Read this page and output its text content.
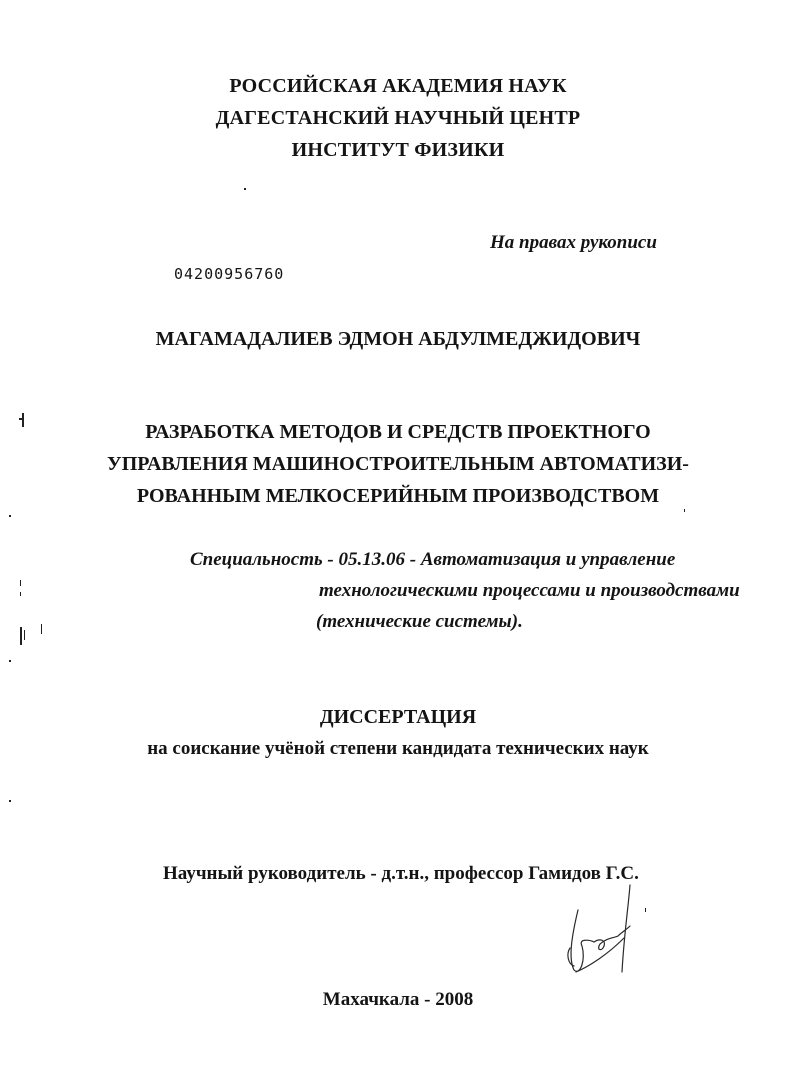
РОССИЙСКАЯ АКАДЕМИЯ НАУК
ДАГЕСТАНСКИЙ НАУЧНЫЙ ЦЕНТР
ИНСТИТУТ ФИЗИКИ
На правах рукописи
04200956760
МАГАМАДАЛИЕВ ЭДМОН АБДУЛМЕДЖИДОВИЧ
РАЗРАБОТКА МЕТОДОВ И СРЕДСТВ ПРОЕКТНОГО
УПРАВЛЕНИЯ МАШИНОСТРОИТЕЛЬНЫМ АВТОМАТИЗИ-
РОВАННЫМ МЕЛКОСЕРИЙНЫМ ПРОИЗВОДСТВОМ
Специальность - 05.13.06 - Автоматизация и управление
технологическими процессами и производствами
(технические системы).
ДИССЕРТАЦИЯ
на соискание учёной степени кандидата технических наук
Научный руководитель - д.т.н., профессор Гамидов Г.С.
Махачкала - 2008
